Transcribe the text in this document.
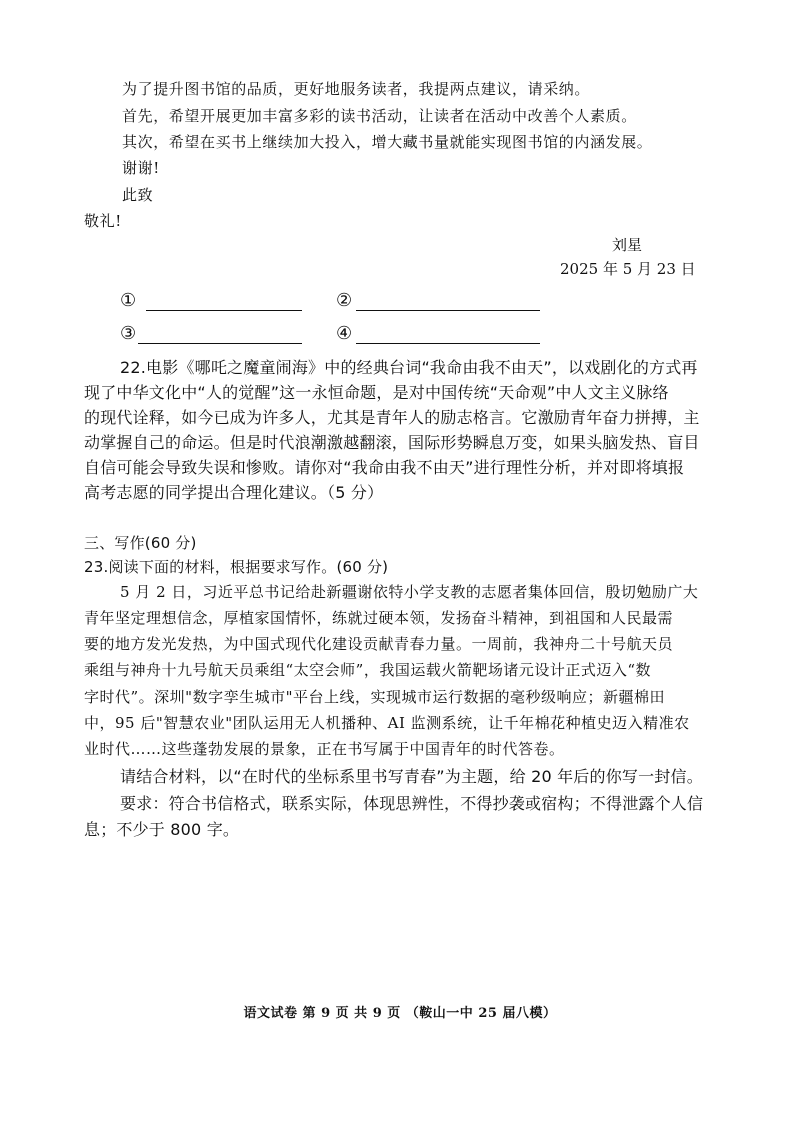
为了提升图书馆的品质，更好地服务读者，我提两点建议，请采纳。
首先，希望开展更加丰富多彩的读书活动，让读者在活动中改善个人素质。
其次，希望在买书上继续加大投入，增大藏书量就能实现图书馆的内涵发展。
谢谢!
此致
敬礼!
刘星
2025 年 5 月 23 日
①	②
③	④
22.电影《哪吒之魔童闹海》中的经典台词“我命由我不由天”，以戏剧化的方式再
现了中华文化中“人的觉醒”这一永恒命题，是对中国传统“天命观”中人文主义脉络
的现代诠释，如今已成为许多人，尤其是青年人的励志格言。它激励青年奋力拼搏，主
动掌握自己的命运。但是时代浪潮激越翻滚，国际形势瞬息万变，如果头脑发热、盲目
自信可能会导致失误和惨败。请你对“我命由我不由天”进行理性分析，并对即将填报
高考志愿的同学提出合理化建议。（5 分）
三、写作(60 分)
23.阅读下面的材料，根据要求写作。(60 分)
5 月 2 日，习近平总书记给赴新疆谢依特小学支教的志愿者集体回信，殷切勉励广大
青年坚定理想信念，厚植家国情怀，练就过硬本领，发扬奋斗精神，到祖国和人民最需
要的地方发光发热，为中国式现代化建设贡献青春力量。一周前，我神舟二十号航天员
乘组与神舟十九号航天员乘组“太空会师”，我国运载火箭靶场诸元设计正式迈入“数
字时代”。深圳"数字孪生城市"平台上线，实现城市运行数据的毫秒级响应；新疆棉田
中，95 后"智慧农业"团队运用无人机播种、AI 监测系统，让千年棉花种植史迈入精准农
业时代……这些蓬勃发展的景象，正在书写属于中国青年的时代答卷。
请结合材料，以“在时代的坐标系里书写青春”为主题，给 20 年后的你写一封信。
要求：符合书信格式，联系实际，体现思辨性，不得抄袭或宿构；不得泄露个人信
息；不少于 800 字。
语文试卷 第 9 页 共 9 页 （鞍山一中 25 届八模）
